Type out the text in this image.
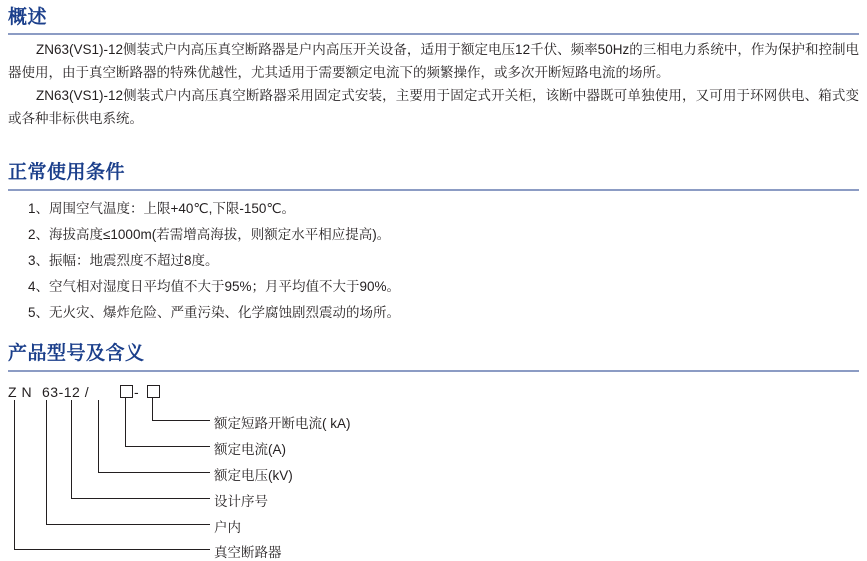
概述

ZN63(VS1)-12侧装式户内高压真空断路器是户内高压开关设备，适用于额定电压12千伏、频率50Hz的三相电力系统中，作为保护和控制电器使用，由于真空断路器的特殊优越性，尤其适用于需要额定电流下的频繁操作，或多次开断短路电流的场所。

ZN63(VS1)-12侧装式户内高压真空断路器采用固定式安装，主要用于固定式开关柜，该断中器既可单独使用，又可用于环网供电、箱式变或各种非标供电系统。

正常使用条件
1、周围空气温度：上限+40℃,下限-150℃。
2、海拔高度≤1000m(若需增高海拔，则额定水平相应提高)。
3、振幅：地震烈度不超过8度。
4、空气相对湿度日平均值不大于95%；月平均值不大于90%。
5、无火灾、爆炸危险、严重污染、化学腐蚀剧烈震动的场所。
产品型号及含义
Z N 63-12 /	-
额定短路开断电流( kA)
额定电流(A)
额定电压(kV)
设计序号
户内
真空断路器
